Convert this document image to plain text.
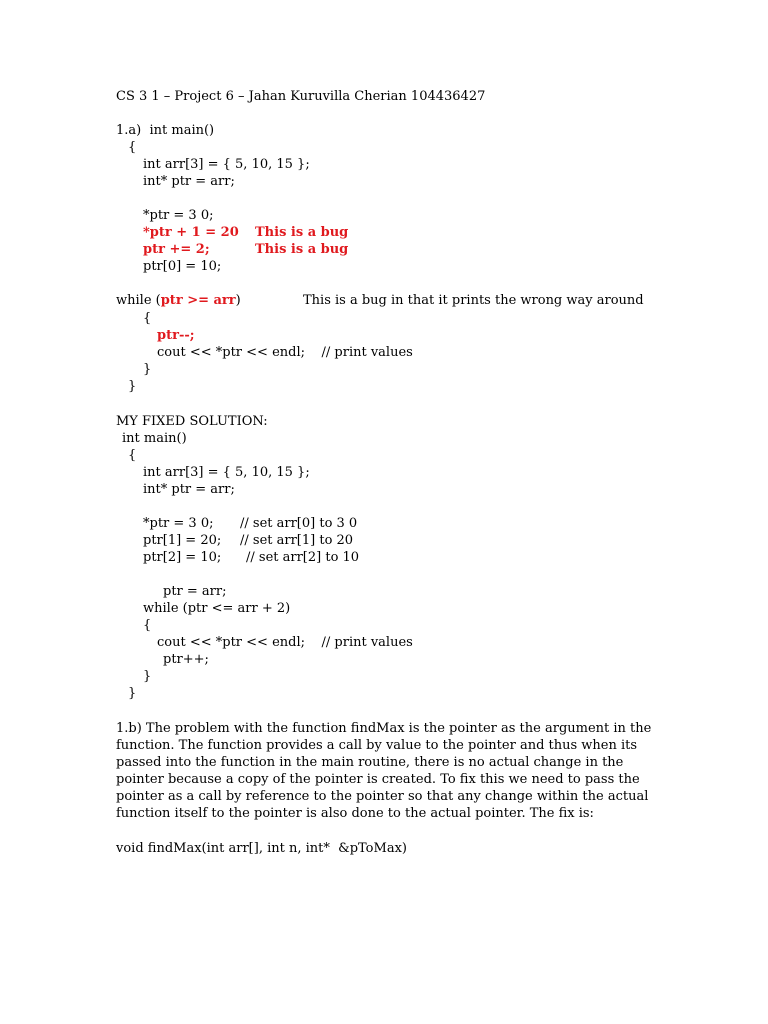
CS 3 1 – Project 6 – Jahan Kuruvilla Cherian 104436427
1.a)  int main()
{
int arr[3] = { 5, 10, 15 };
int* ptr = arr;
*ptr = 3 0;
*ptr + 1 = 20 This is a bug
ptr += 2;	This is a bug
ptr[0] = 10;
while (ptr >= arr)	This is a bug in that it prints the wrong way around
{
ptr--;
cout << *ptr << endl;    // print values
}
}
MY FIXED SOLUTION:
int main()
{
int arr[3] = { 5, 10, 15 };
int* ptr = arr;
*ptr = 3 0; // set arr[0] to 3 0
ptr[1] = 20; // set arr[1] to 20
ptr[2] = 10; // set arr[2] to 10
ptr = arr;
while (ptr <= arr + 2)
{
cout << *ptr << endl;    // print values
ptr++;
}
}
1.b) The problem with the function findMax is the pointer as the argument in the
function. The function provides a call by value to the pointer and thus when its
passed into the function in the main routine, there is no actual change in the
pointer because a copy of the pointer is created. To fix this we need to pass the
pointer as a call by reference to the pointer so that any change within the actual
function itself to the pointer is also done to the actual pointer. The fix is:
void findMax(int arr[], int n, int*  &pToMax)
